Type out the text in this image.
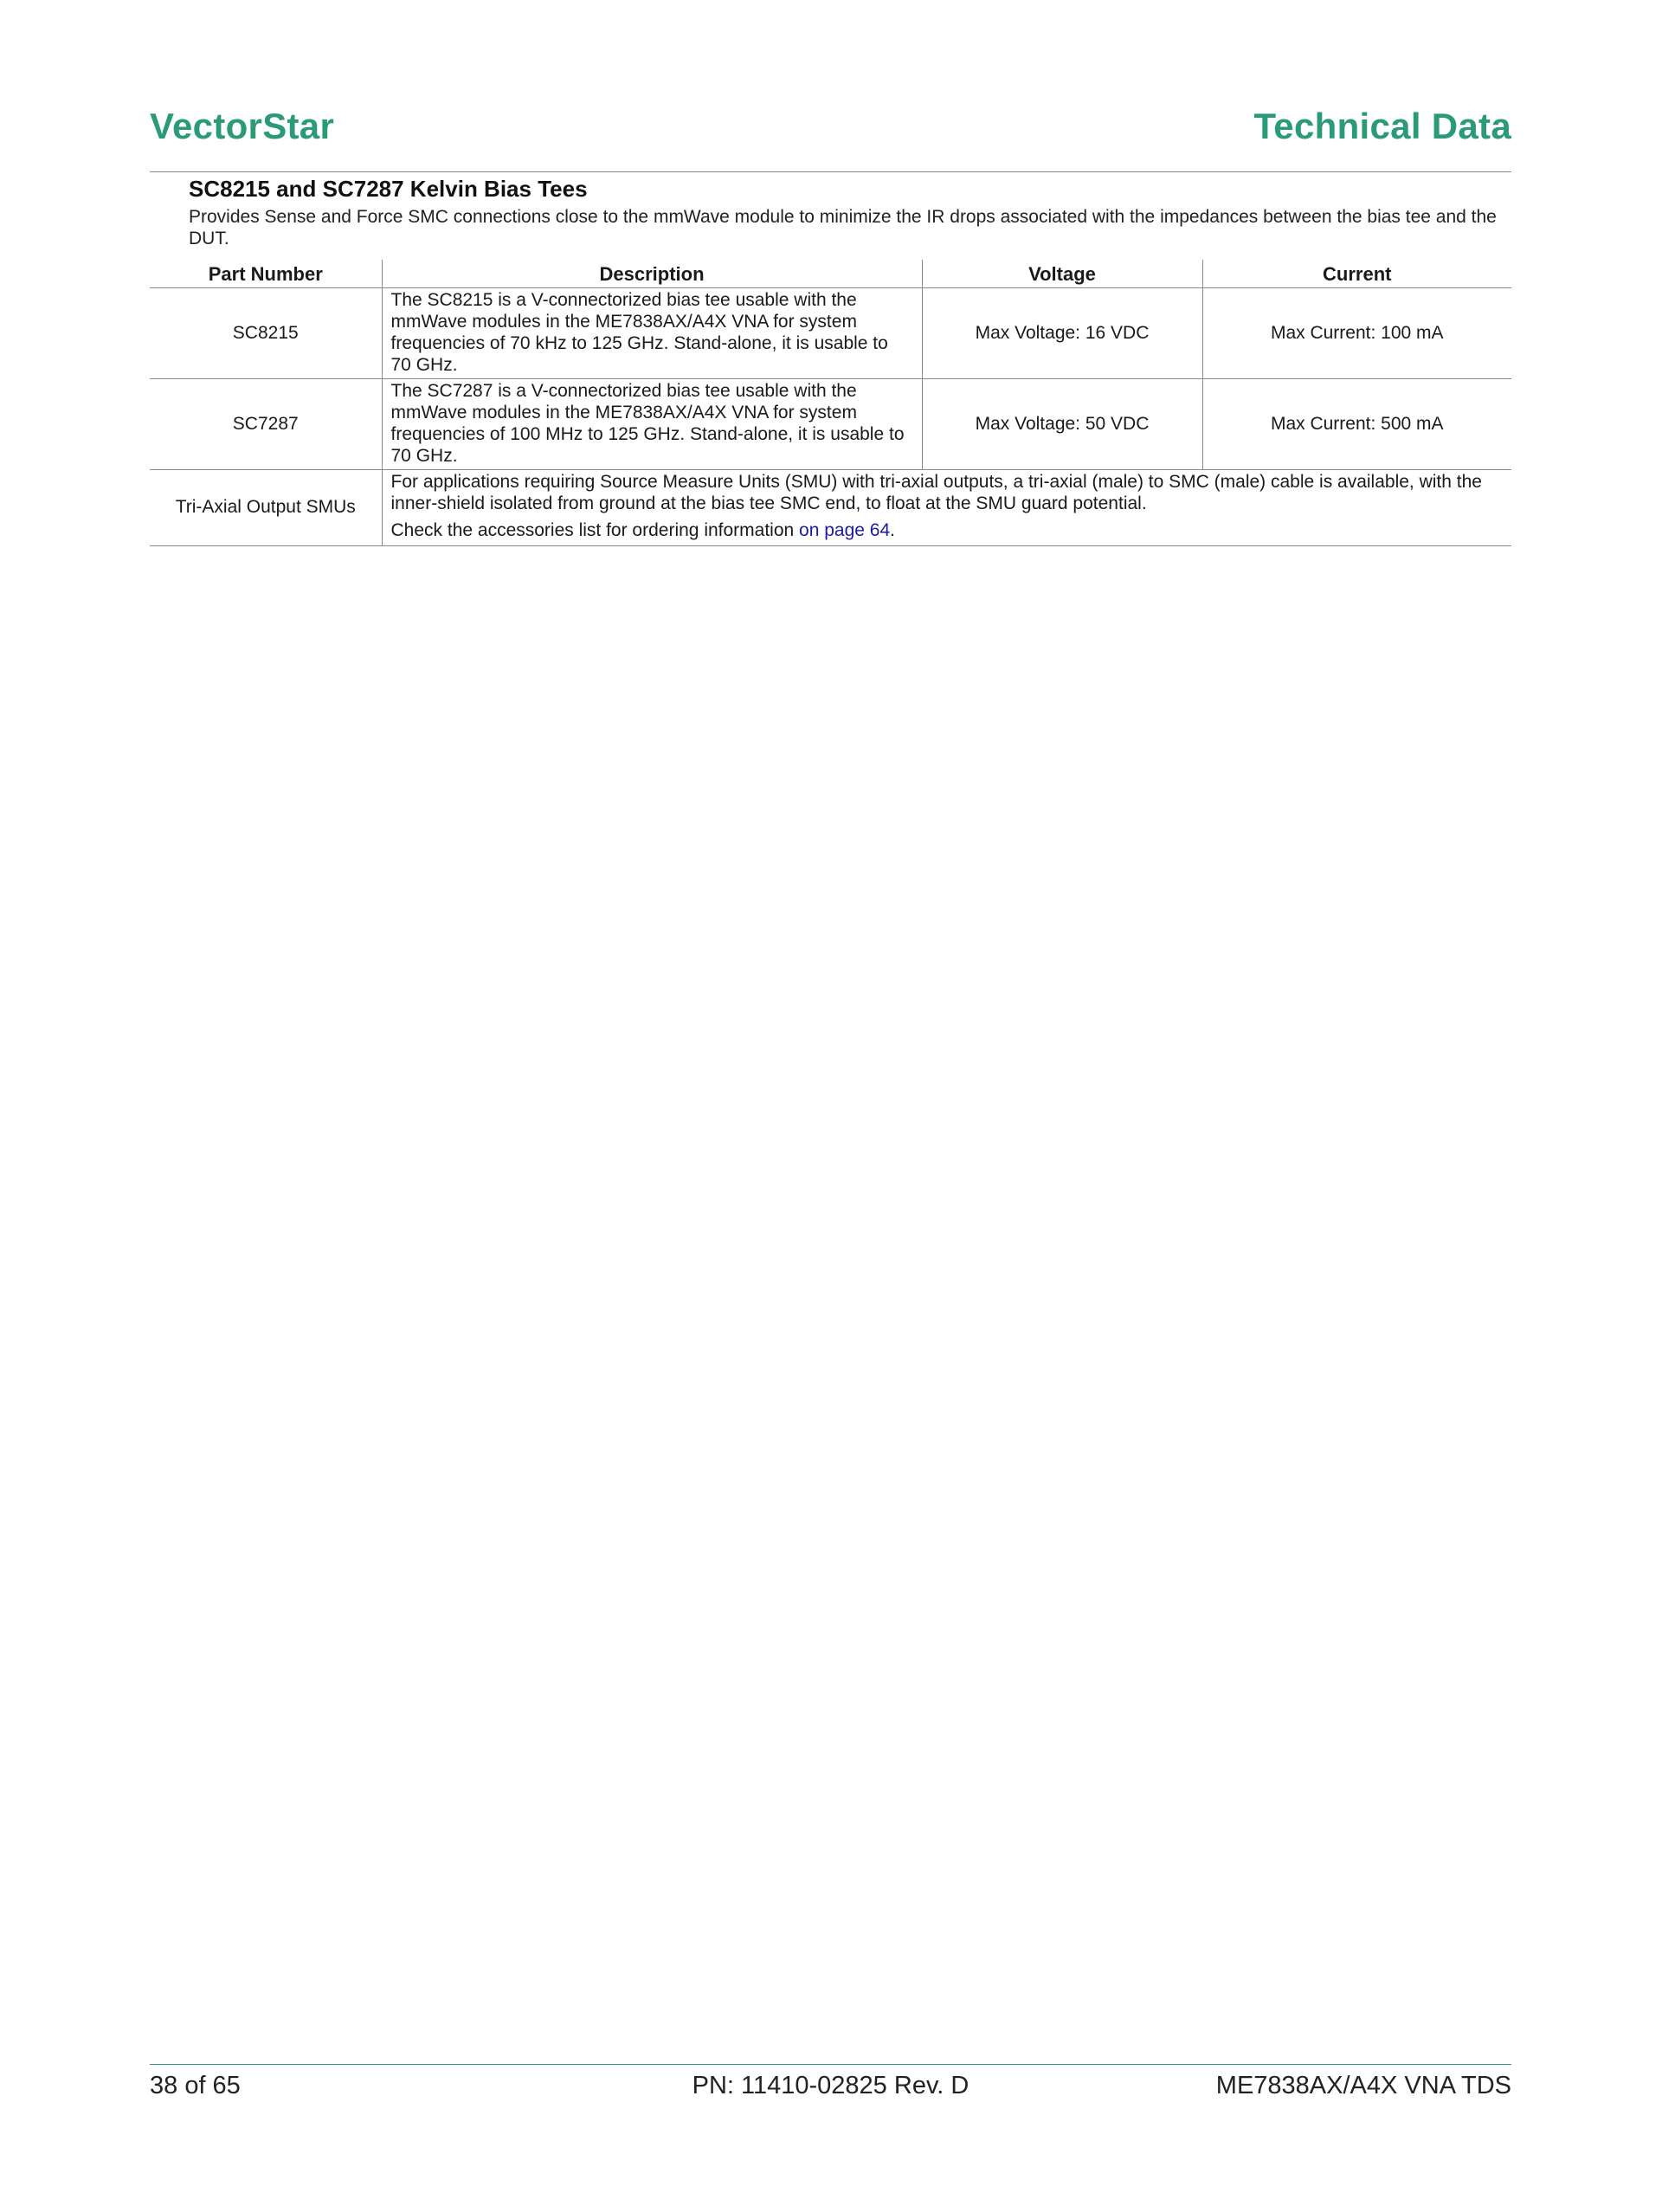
VectorStar	Technical Data
SC8215 and SC7287 Kelvin Bias Tees

Provides Sense and Force SMC connections close to the mmWave module to minimize the IR drops associated with the impedances between the bias tee and the DUT.

Part Number	Description	Voltage	Current
SC8215	The SC8215 is a V-connectorized bias tee usable with the mmWave modules in the ME7838AX/A4X VNA for system frequencies of 70 kHz to 125 GHz. Stand-alone, it is usable to 70 GHz.	Max Voltage: 16 VDC	Max Current: 100 mA
SC7287	The SC7287 is a V-connectorized bias tee usable with the mmWave modules in the ME7838AX/A4X VNA for system frequencies of 100 MHz to 125 GHz. Stand-alone, it is usable to 70 GHz.	Max Voltage: 50 VDC	Max Current: 500 mA
Tri-Axial Output SMUs	For applications requiring Source Measure Units (SMU) with tri-axial outputs, a tri-axial (male) to SMC (male) cable is available, with the inner-shield isolated from ground at the bias tee SMC end, to float at the SMU guard potential.

Check the accessories list for ordering information on page 64.		

38 of 65	PN: 11410-02825 Rev. D	ME7838AX/A4X VNA TDS
